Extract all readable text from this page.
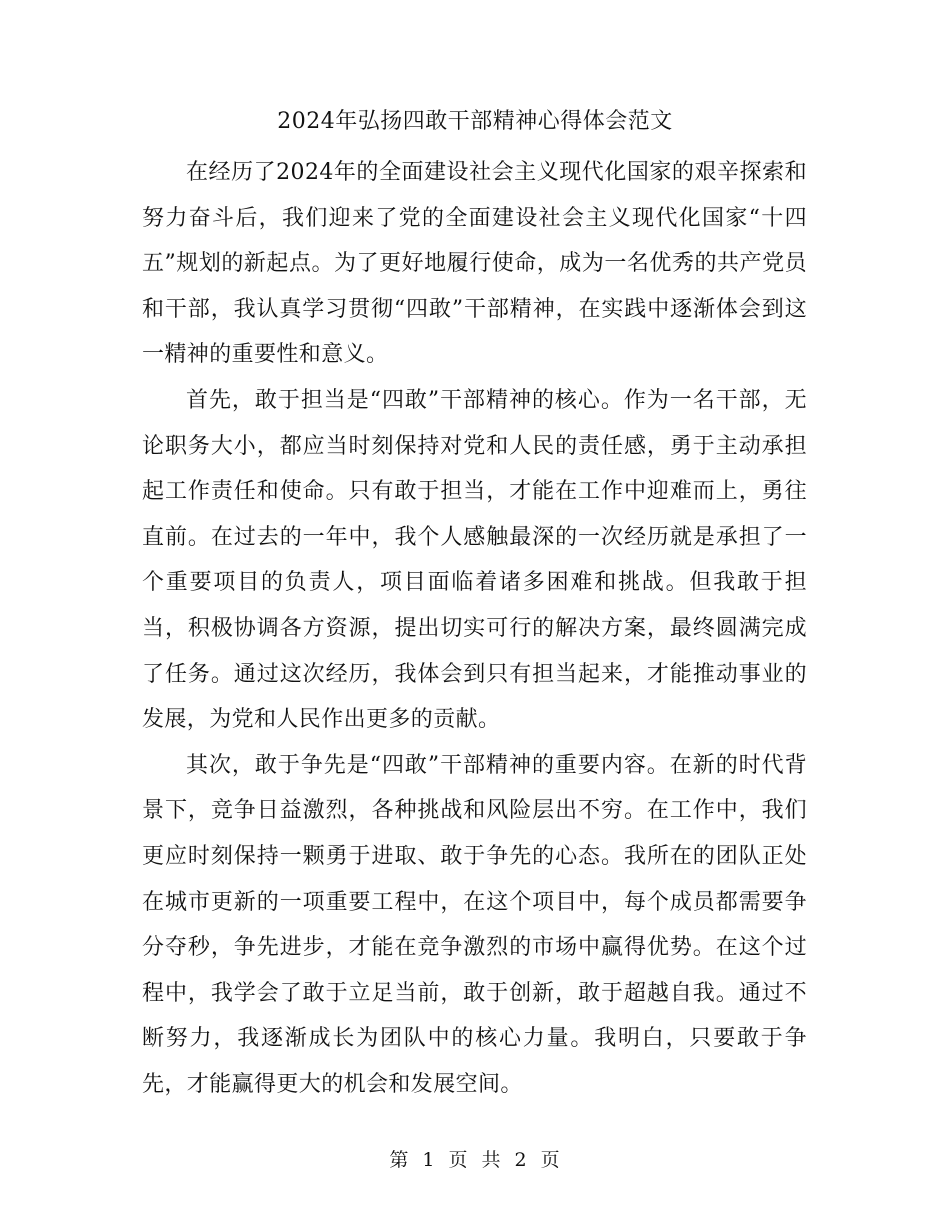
2024年弘扬四敢干部精神心得体会范文

在经历了2024年的全面建设社会主义现代化国家的艰辛探索和努力奋斗后，我们迎来了党的全面建设社会主义现代化国家“十四五”规划的新起点。为了更好地履行使命，成为一名优秀的共产党员和干部，我认真学习贯彻“四敢”干部精神，在实践中逐渐体会到这一精神的重要性和意义。

首先，敢于担当是“四敢”干部精神的核心。作为一名干部，无论职务大小，都应当时刻保持对党和人民的责任感，勇于主动承担起工作责任和使命。只有敢于担当，才能在工作中迎难而上，勇往直前。在过去的一年中，我个人感触最深的一次经历就是承担了一个重要项目的负责人，项目面临着诸多困难和挑战。但我敢于担当，积极协调各方资源，提出切实可行的解决方案，最终圆满完成了任务。通过这次经历，我体会到只有担当起来，才能推动事业的发展，为党和人民作出更多的贡献。

其次，敢于争先是“四敢”干部精神的重要内容。在新的时代背景下，竞争日益激烈，各种挑战和风险层出不穷。在工作中，我们更应时刻保持一颗勇于进取、敢于争先的心态。我所在的团队正处在城市更新的一项重要工程中，在这个项目中，每个成员都需要争分夺秒，争先进步，才能在竞争激烈的市场中赢得优势。在这个过程中，我学会了敢于立足当前，敢于创新，敢于超越自我。通过不断努力，我逐渐成长为团队中的核心力量。我明白，只要敢于争先，才能赢得更大的机会和发展空间。

第 1 页 共 2 页
